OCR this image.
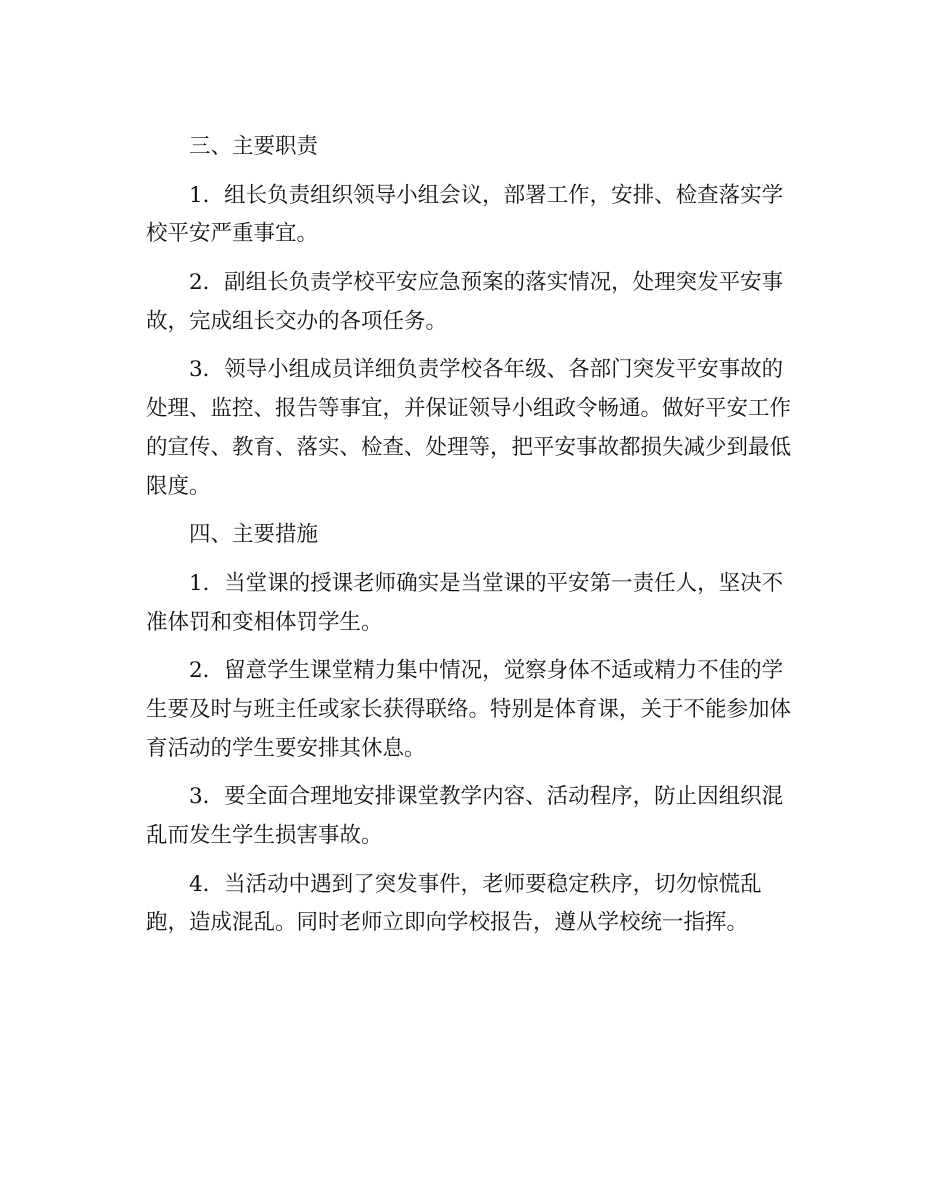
三、主要职责
1．组长负责组织领导小组会议，部署工作，安排、检查落实学
校平安严重事宜。
2．副组长负责学校平安应急预案的落实情况，处理突发平安事
故，完成组长交办的各项任务。
3．领导小组成员详细负责学校各年级、各部门突发平安事故的
处理、监控、报告等事宜，并保证领导小组政令畅通。做好平安工作
的宣传、教育、落实、检查、处理等，把平安事故都损失减少到最低
限度。
四、主要措施
1．当堂课的授课老师确实是当堂课的平安第一责任人，坚决不
准体罚和变相体罚学生。
2．留意学生课堂精力集中情况，觉察身体不适或精力不佳的学
生要及时与班主任或家长获得联络。特别是体育课，关于不能参加体
育活动的学生要安排其休息。
3．要全面合理地安排课堂教学内容、活动程序，防止因组织混
乱而发生学生损害事故。
4．当活动中遇到了突发事件，老师要稳定秩序，切勿惊慌乱
跑，造成混乱。同时老师立即向学校报告，遵从学校统一指挥。
